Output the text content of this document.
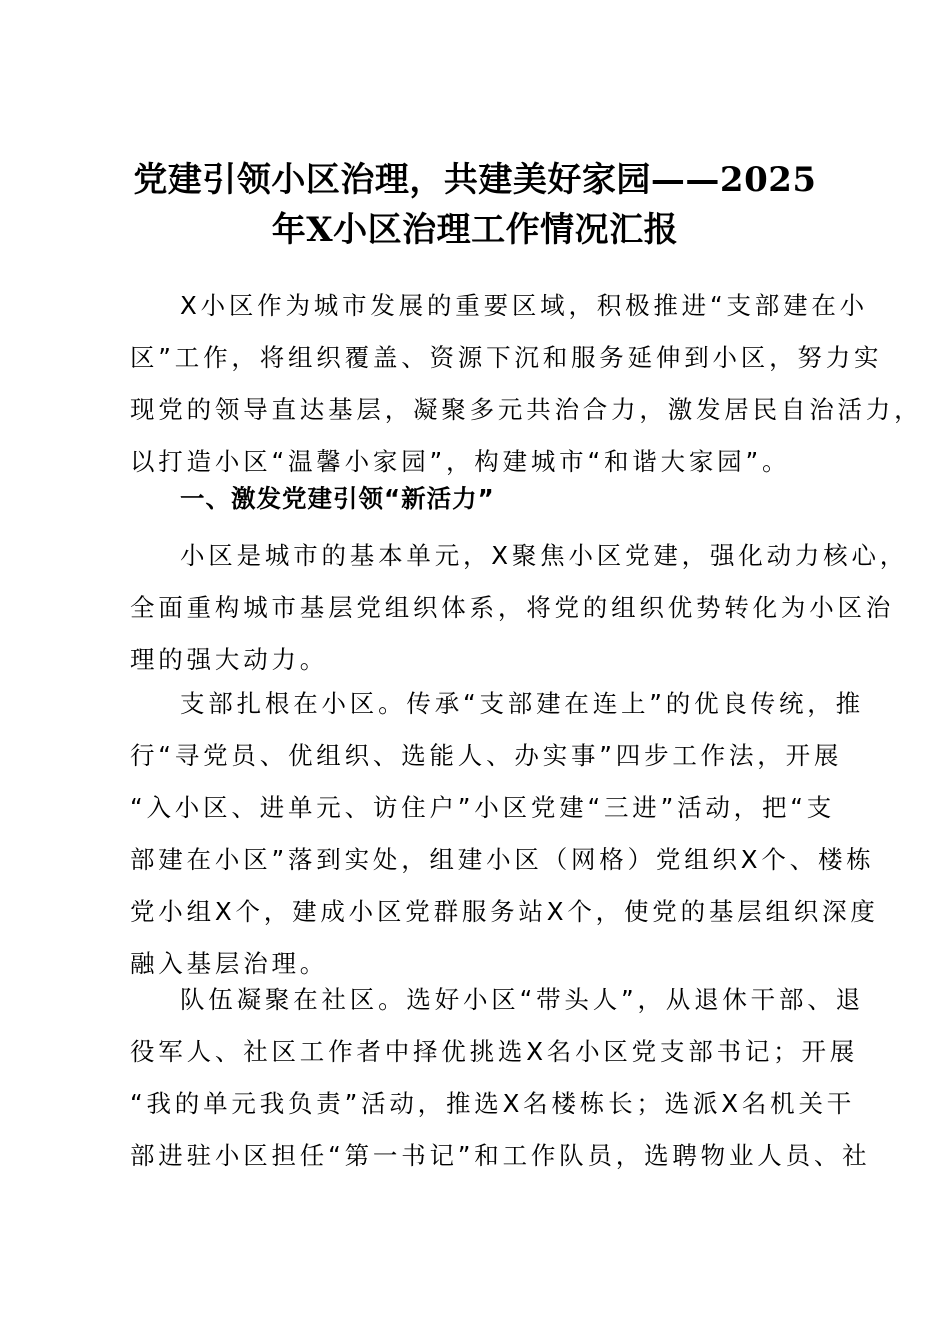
党建引领小区治理，共建美好家园——2025
年X小区治理工作情况汇报
X小区作为城市发展的重要区域，积极推进“支部建在小
区”工作，将组织覆盖、资源下沉和服务延伸到小区，努力实
现党的领导直达基层，凝聚多元共治合力，激发居民自治活力，
以打造小区“温馨小家园”，构建城市“和谐大家园”。
一、激发党建引领“新活力”
小区是城市的基本单元，X聚焦小区党建，强化动力核心，
全面重构城市基层党组织体系，将党的组织优势转化为小区治
理的强大动力。
支部扎根在小区。传承“支部建在连上”的优良传统，推
行“寻党员、优组织、选能人、办实事”四步工作法，开展
“入小区、进单元、访住户”小区党建“三进”活动，把“支
部建在小区”落到实处，组建小区（网格）党组织X个、楼栋
党小组X个，建成小区党群服务站X个，使党的基层组织深度
融入基层治理。
队伍凝聚在社区。选好小区“带头人”，从退休干部、退
役军人、社区工作者中择优挑选X名小区党支部书记；开展
“我的单元我负责”活动，推选X名楼栋长；选派X名机关干
部进驻小区担任“第一书记”和工作队员，选聘物业人员、社
